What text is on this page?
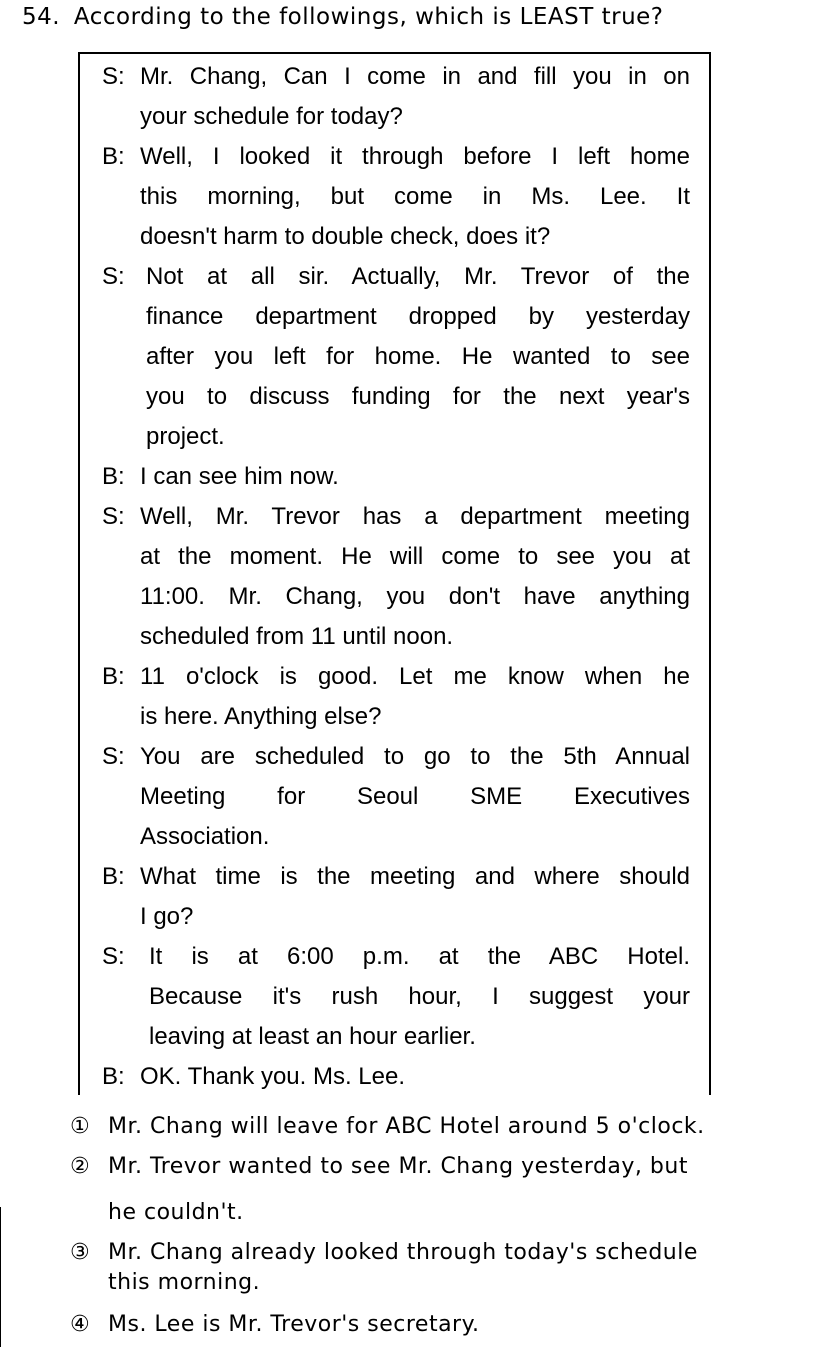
54. According to the followings, which is LEAST true?
S: Mr. Chang, Can I come in and fill you in on
your schedule for today?
B: Well, I looked it through before I left home
this morning, but come in Ms. Lee. It
doesn't harm to double check, does it?
S: Not at all sir. Actually, Mr. Trevor of the
finance department dropped by yesterday
after you left for home. He wanted to see
you to discuss funding for the next year's
project.
B: I can see him now.
S: Well, Mr. Trevor has a department meeting
at the moment. He will come to see you at
11:00. Mr. Chang, you don't have anything
scheduled from 11 until noon.
B: 11 o'clock is good. Let me know when he
is here. Anything else?
S: You are scheduled to go to the 5th Annual
Meeting for Seoul SME Executives
Association.
B: What time is the meeting and where should
I go?
S: It is at 6:00 p.m. at the ABC Hotel.
Because it's rush hour, I suggest your
leaving at least an hour earlier.
B: OK. Thank you. Ms. Lee.
① Mr. Chang will leave for ABC Hotel around 5 o'clock.
② Mr. Trevor wanted to see Mr. Chang yesterday, but
he couldn't.
③ Mr. Chang already looked through today's schedule
this morning.
④ Ms. Lee is Mr. Trevor's secretary.
